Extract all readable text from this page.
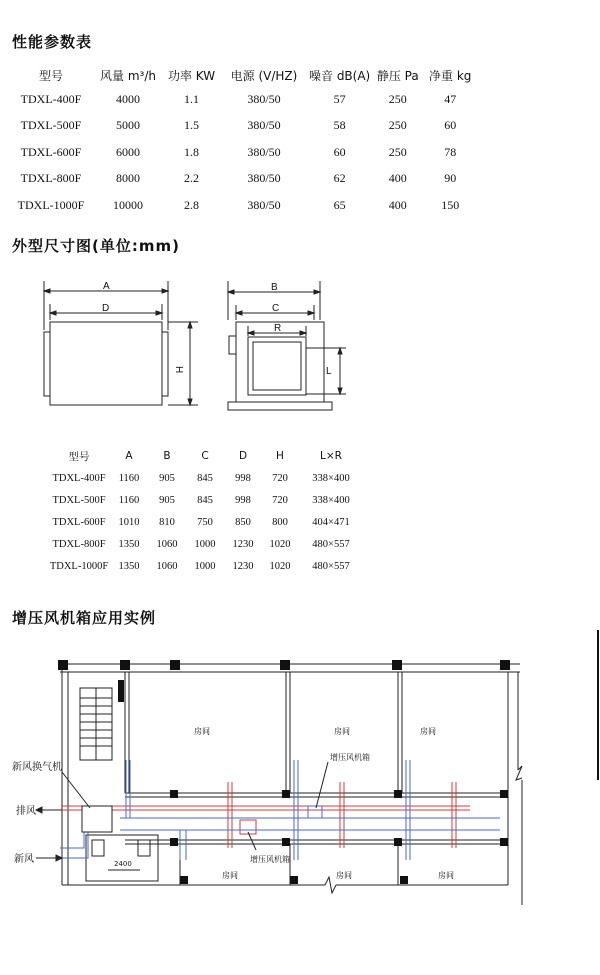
性能参数表
型号	风量 m³/h	功率 KW	电源 (V/HZ)	噪音 dB(A)	静压 Pa	净重 kg
TDXL-400F	4000	1.1	380/50	57	250	47
TDXL-500F	5000	1.5	380/50	58	250	60
TDXL-600F	6000	1.8	380/50	60	250	78
TDXL-800F	8000	2.2	380/50	62	400	90
TDXL-1000F	10000	2.8	380/50	65	400	150
外型尺寸图(单位:mm)
A
D
H
B
C
R
L
新风换气机
排风
新风
增压风机箱
增压风机箱
房间	房间	房间
房间	房间	房间
2400
型号	A	B	C	D	H	L×R
TDXL-400F	1160	905	845	998	720	338×400
TDXL-500F	1160	905	845	998	720	338×400
TDXL-600F	1010	810	750	850	800	404×471
TDXL-800F	1350	1060	1000	1230	1020	480×557
TDXL-1000F	1350	1060	1000	1230	1020	480×557
增压风机箱应用实例
